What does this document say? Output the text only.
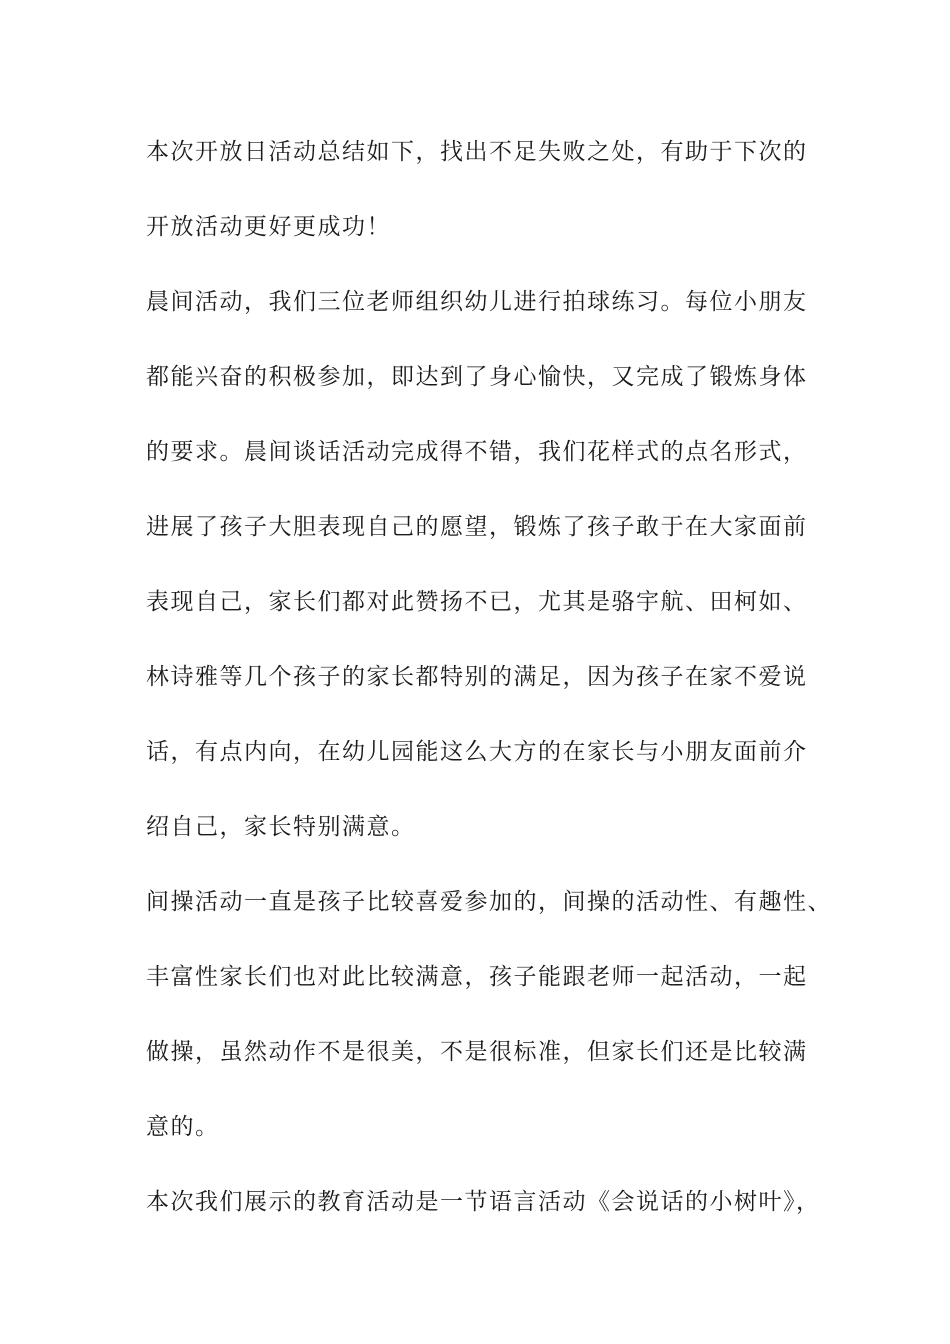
本次开放日活动总结如下，找出不足失败之处，有助于下次的
开放活动更好更成功！
晨间活动，我们三位老师组织幼儿进行拍球练习。每位小朋友
都能兴奋的积极参加，即达到了身心愉快，又完成了锻炼身体
的要求。晨间谈话活动完成得不错，我们花样式的点名形式，
进展了孩子大胆表现自己的愿望，锻炼了孩子敢于在大家面前
表现自己，家长们都对此赞扬不已，尤其是骆宇航、田柯如、
林诗雅等几个孩子的家长都特别的满足，因为孩子在家不爱说
话，有点内向，在幼儿园能这么大方的在家长与小朋友面前介
绍自己，家长特别满意。
间操活动一直是孩子比较喜爱参加的，间操的活动性、有趣性、
丰富性家长们也对此比较满意，孩子能跟老师一起活动，一起
做操，虽然动作不是很美，不是很标准，但家长们还是比较满
意的。
本次我们展示的教育活动是一节语言活动《会说话的小树叶》，
